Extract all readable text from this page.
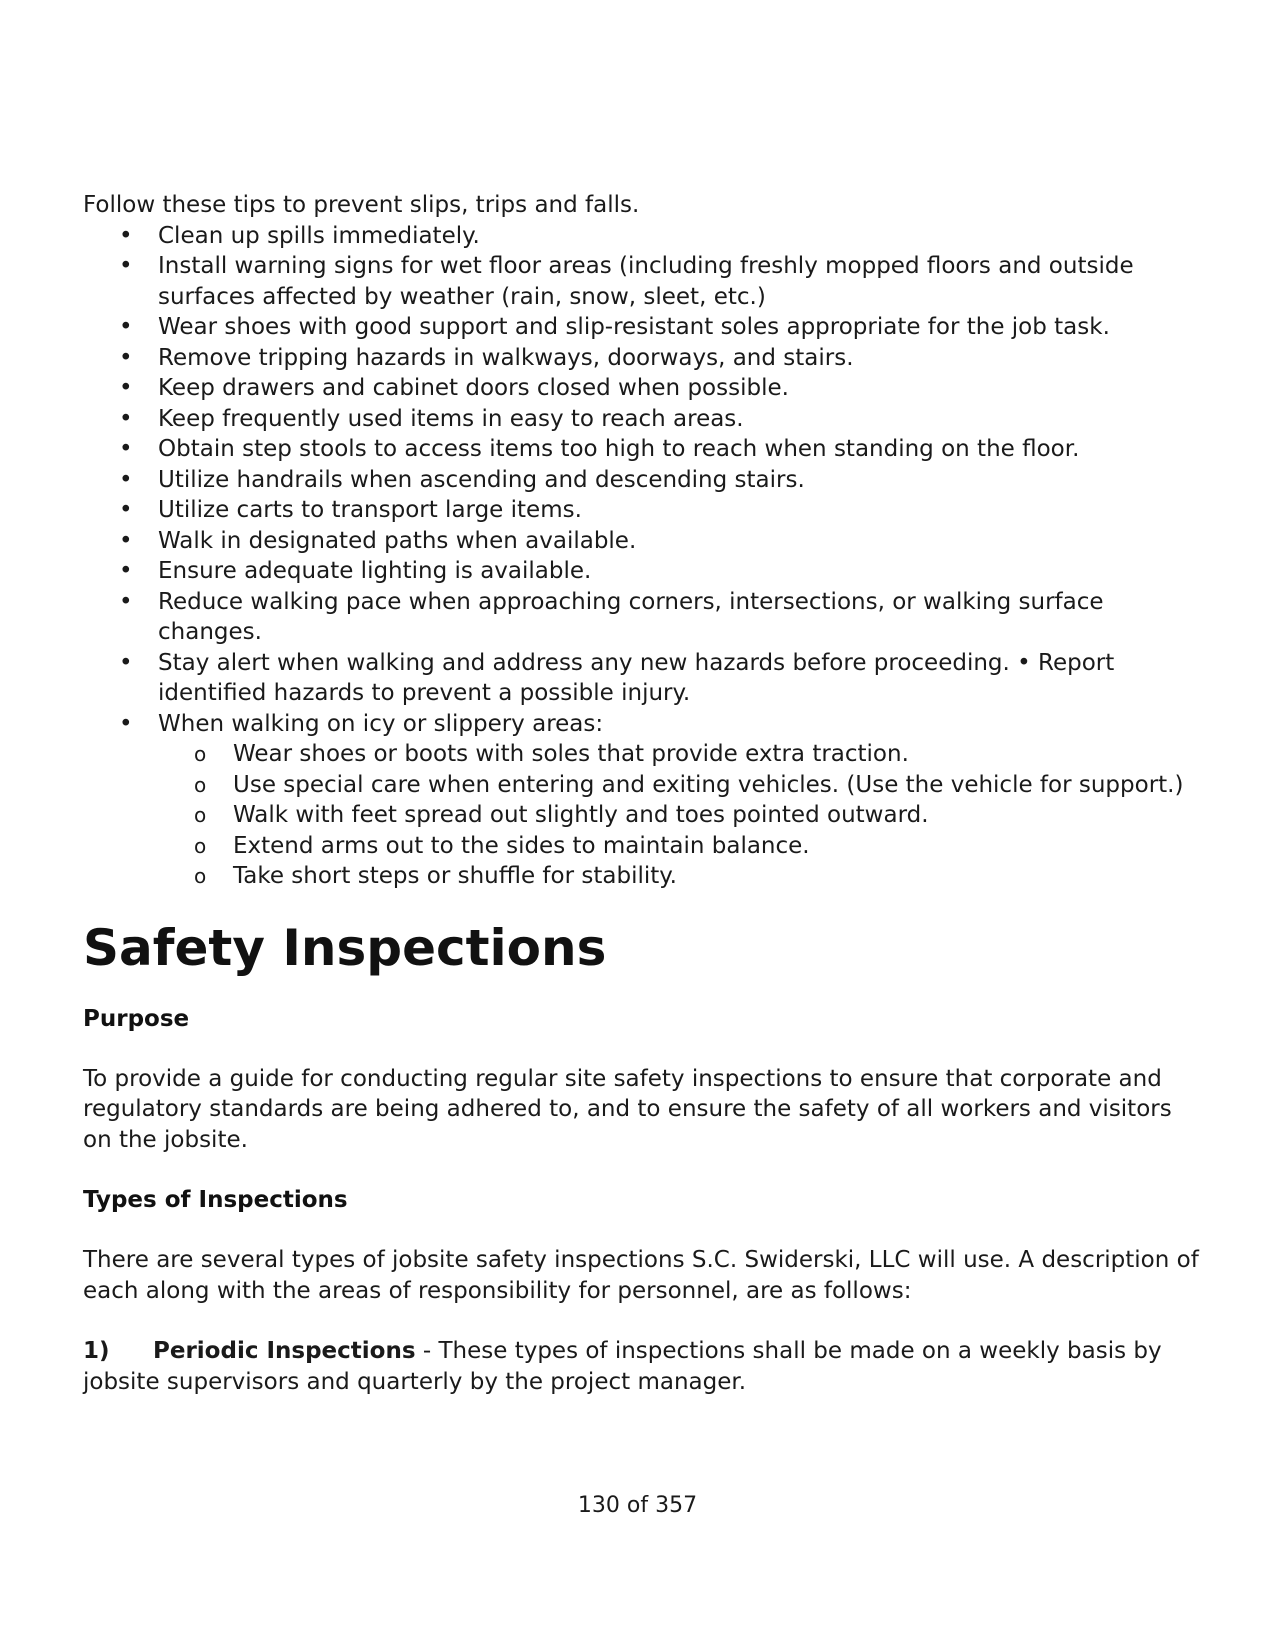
Follow these tips to prevent slips, trips and falls.

• Clean up spills immediately.
• Install warning signs for wet floor areas (including freshly mopped floors and outside surfaces affected by weather (rain, snow, sleet, etc.)
• Wear shoes with good support and slip-resistant soles appropriate for the job task.
• Remove tripping hazards in walkways, doorways, and stairs.
• Keep drawers and cabinet doors closed when possible.
• Keep frequently used items in easy to reach areas.
• Obtain step stools to access items too high to reach when standing on the floor.
• Utilize handrails when ascending and descending stairs.
• Utilize carts to transport large items.
• Walk in designated paths when available.
• Ensure adequate lighting is available.
• Reduce walking pace when approaching corners, intersections, or walking surface changes.
• Stay alert when walking and address any new hazards before proceeding. • Report identified hazards to prevent a possible injury.
• When walking on icy or slippery areas:
o Wear shoes or boots with soles that provide extra traction.
o Use special care when entering and exiting vehicles. (Use the vehicle for support.)
o Walk with feet spread out slightly and toes pointed outward.
o Extend arms out to the sides to maintain balance.
o Take short steps or shuffle for stability.
Safety Inspections
Purpose

To provide a guide for conducting regular site safety inspections to ensure that corporate and regulatory standards are being adhered to, and to ensure the safety of all workers and visitors on the jobsite.

Types of Inspections

There are several types of jobsite safety inspections S.C. Swiderski, LLC will use. A description of each along with the areas of responsibility for personnel, are as follows:

1) Periodic Inspections - These types of inspections shall be made on a weekly basis by jobsite supervisors and quarterly by the project manager.

130 of 357
